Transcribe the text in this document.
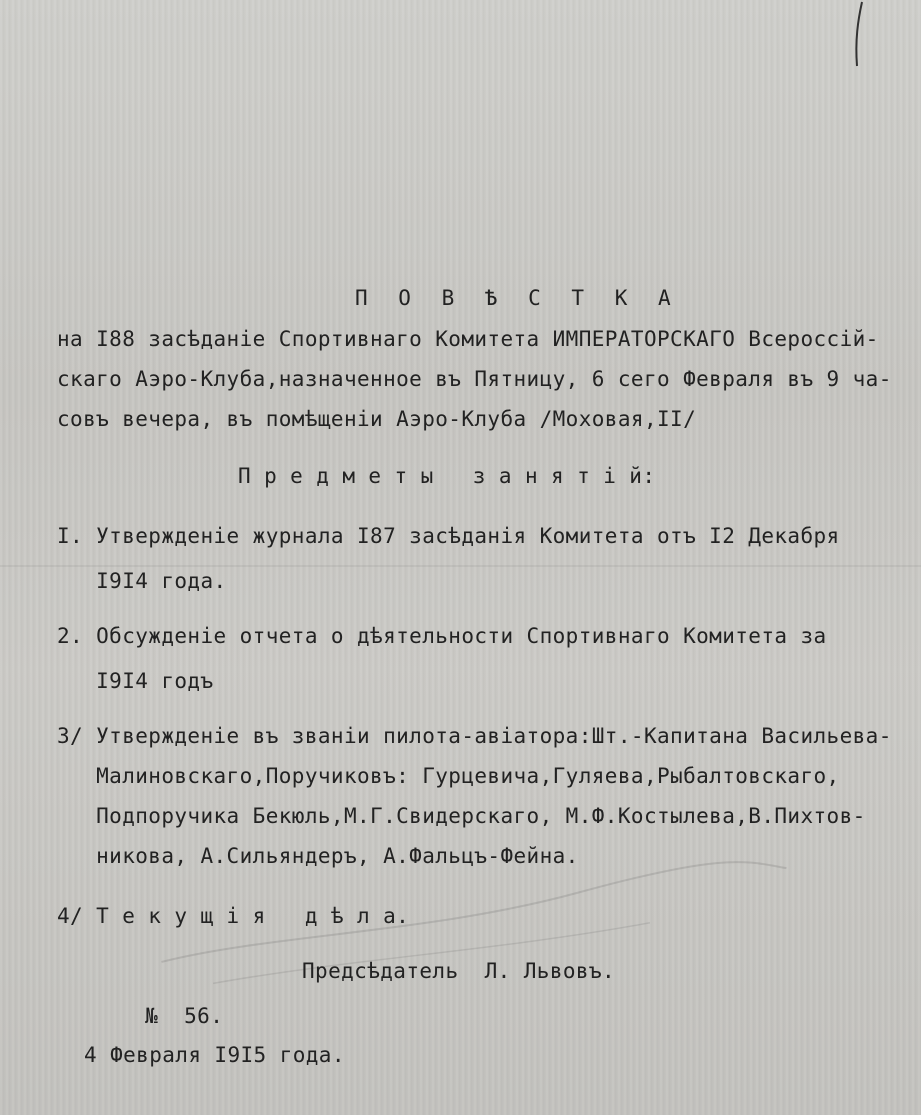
П О В Ѣ С Т К А
на I88 засѣданіе Спортивнаго Комитета ИМПЕРАТОРСКАГО Всероссій-
скаго Аэро-Клуба,назначенное въ Пятницу, 6 сего Февраля въ 9 ча-
совъ вечера, въ помѣщеніи Аэро-Клуба /Моховая,II/
П р е д м е т ы   з а н я т і й:
I. Утвержденіе журнала I87 засѣданія Комитета отъ I2 Декабря
I9I4 года.
2. Обсужденіе отчета о дѣятельности Спортивнаго Комитета за
I9I4 годъ
3/ Утвержденіе въ званіи пилота-авіатора:Шт.-Капитана Васильева-
Малиновскаго,Поручиковъ: Гурцевича,Гуляева,Рыбалтовскаго,
Подпоручика Бекюль,М.Г.Свидерскаго, М.Ф.Костылева,В.Пихтов-
никова, А.Сильяндеръ, А.Фальцъ-Фейна.
4/ Т е к у щ і я   д ѣ л а.
Предсѣдатель  Л. Львовъ.
№  56.
4 Февраля I9I5 года.
